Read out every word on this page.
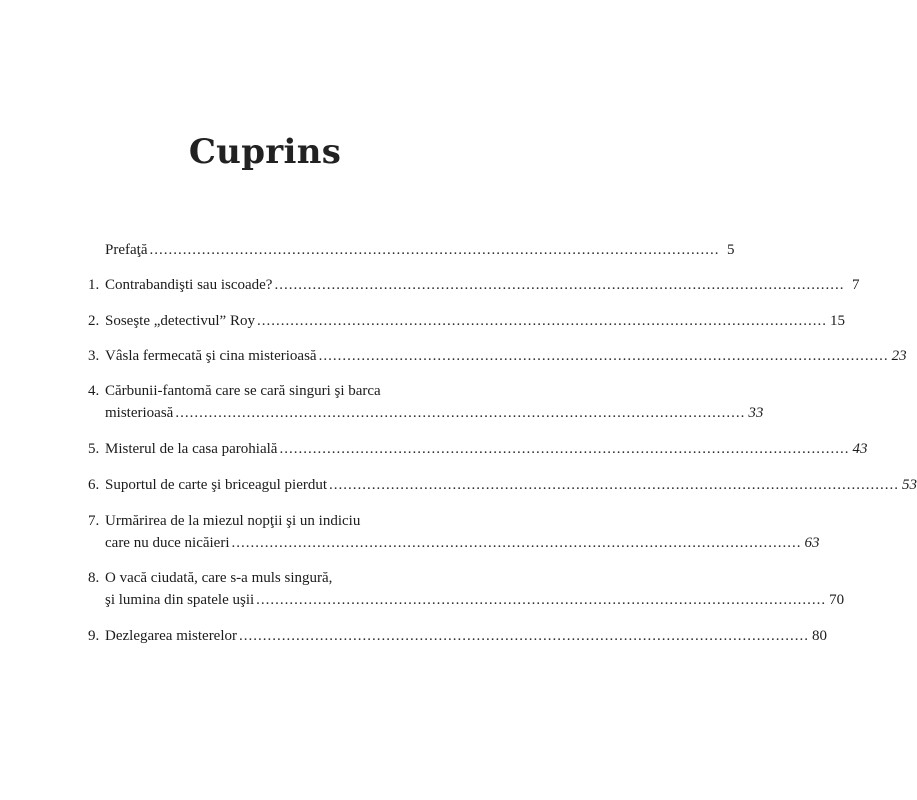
Cuprins
Prefaţă ........................................................................................................................ 5
1. Contrabandişti sau iscoade? ........................................................................................................................ 7
2. Soseşte „detectivul” Roy ........................................................................................................................ 15
3. Vâsla fermecată şi cina misterioasă ........................................................................................................................ 23
4. Cărbunii-fantomă care se cară singuri şi barca
misterioasă ........................................................................................................................ 33
5. Misterul de la casa parohială ........................................................................................................................ 43
6. Suportul de carte şi briceagul pierdut ........................................................................................................................ 53
7. Urmărirea de la miezul nopţii şi un indiciu
care nu duce nicăieri ........................................................................................................................ 63
8. O vacă ciudată, care s-a muls singură,
şi lumina din spatele uşii ........................................................................................................................ 70
9. Dezlegarea misterelor ........................................................................................................................ 80
